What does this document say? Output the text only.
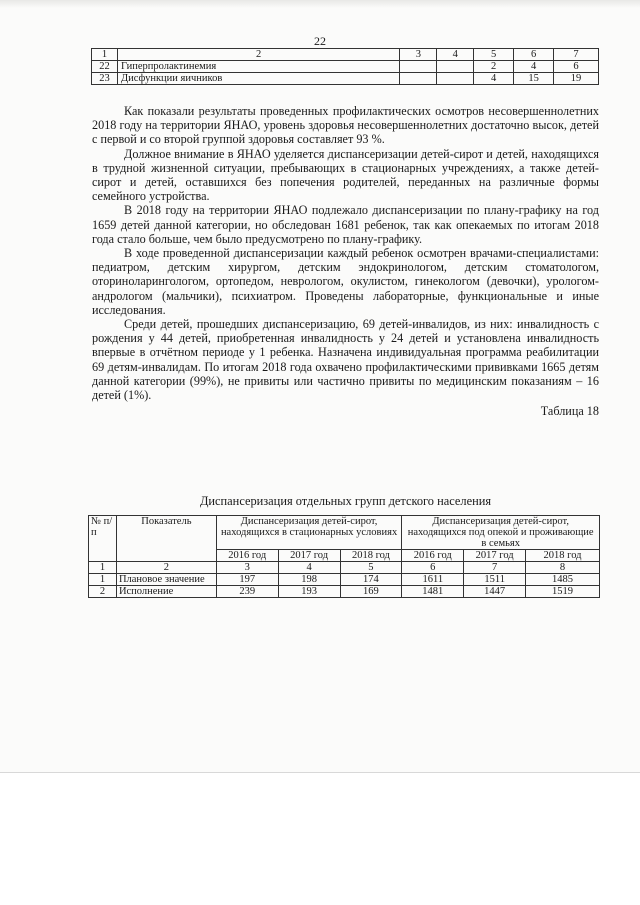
22
1	2	3	4	5	6	7
22	Гиперпролактинемия			2	4	6
23	Дисфункции яичников			4	15	19

Как показали результаты проведенных профилактических осмотров несовершеннолетних 2018 году на территории ЯНАО, уровень здоровья несовершеннолетних достаточно высок, детей с первой и со второй группой здоровья составляет 93 %.

Должное внимание в ЯНАО уделяется диспансеризации детей-сирот и детей, находящихся в трудной жизненной ситуации, пребывающих в стационарных учреждениях, а также детей-сирот и детей, оставшихся без попечения родителей, переданных на различные формы семейного устройства.

В 2018 году на территории ЯНАО подлежало диспансеризации по плану-графику на год 1659 детей данной категории, но обследован 1681 ребенок, так как опекаемых по итогам 2018 года стало больше, чем было предусмотрено по плану-графику.

В ходе проведенной диспансеризации каждый ребенок осмотрен врачами-специалистами: педиатром, детским хирургом, детским эндокринологом, детским стоматологом, оториноларингологом, ортопедом, неврологом, окулистом, гинекологом (девочки), урологом-андрологом (мальчики), психиатром. Проведены лабораторные, функциональные и иные исследования.

Среди детей, прошедших диспансеризацию, 69 детей-инвалидов, из них: инвалидность с рождения у 44 детей, приобретенная инвалидность у 24 детей и установлена инвалидность впервые в отчётном периоде у 1 ребенка. Назначена индивидуальная программа реабилитации 69 детям-инвалидам. По итогам 2018 года охвачено профилактическими прививками 1665 детям данной категории (99%), не привиты или частично привиты по медицинским показаниям – 16 детей (1%).

Таблица 18
Диспансеризация отдельных групп детского населения
№ п/п	Показатель	Диспансеризация детей-сирот, находящихся в стационарных условиях			Диспансеризация детей-сирот, находящихся под опекой и проживающие в семьях		
		2016 год	2017 год	2018 год	2016 год	2017 год	2018 год
1	2	3	4	5	6	7	8
1	Плановое значение	197	198	174	1611	1511	1485
2	Исполнение	239	193	169	1481	1447	1519
